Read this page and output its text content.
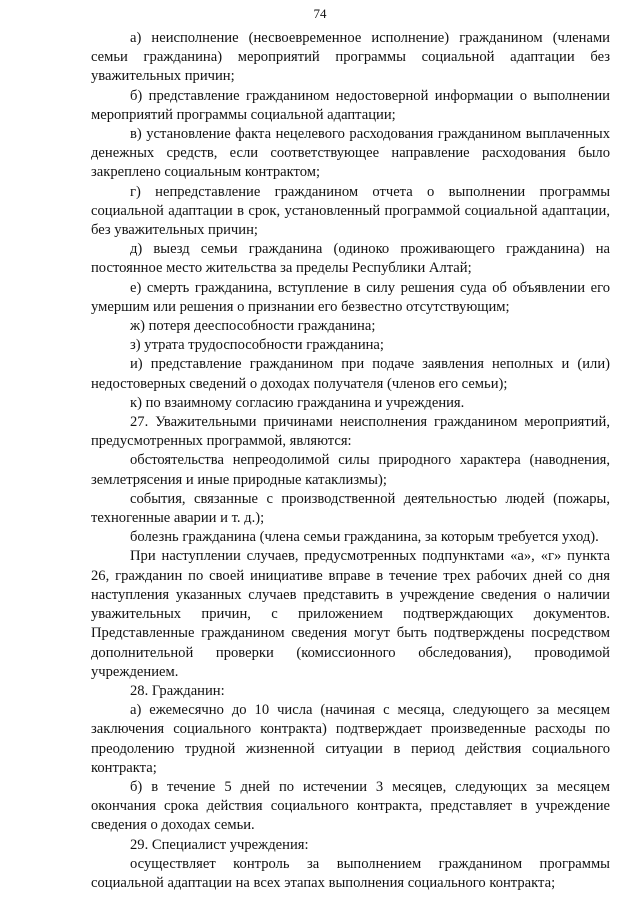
74

а) неисполнение (несвоевременное исполнение) гражданином (членами семьи гражданина) мероприятий программы социальной адаптации без уважительных причин;

б) представление гражданином недостоверной информации о выполнении мероприятий программы социальной адаптации;

в) установление факта нецелевого расходования гражданином выплаченных денежных средств, если соответствующее направление расходования было закреплено социальным контрактом;

г) непредставление гражданином отчета о выполнении программы социальной адаптации в срок, установленный программой социальной адаптации, без уважительных причин;

д) выезд семьи гражданина (одиноко проживающего гражданина) на постоянное место жительства за пределы Республики Алтай;

е) смерть гражданина, вступление в силу решения суда об объявлении его умершим или решения о признании его безвестно отсутствующим;

ж) потеря дееспособности гражданина;

з) утрата трудоспособности гражданина;

и) представление гражданином при подаче заявления неполных и (или) недостоверных сведений о доходах получателя (членов его семьи);

к) по взаимному согласию гражданина и учреждения.

27. Уважительными причинами неисполнения гражданином мероприятий, предусмотренных программой, являются:

обстоятельства непреодолимой силы природного характера (наводнения, землетрясения и иные природные катаклизмы);

события, связанные с производственной деятельностью людей (пожары, техногенные аварии и т. д.);

болезнь гражданина (члена семьи гражданина, за которым требуется уход).

При наступлении случаев, предусмотренных подпунктами «а», «г» пункта 26, гражданин по своей инициативе вправе в течение трех рабочих дней со дня наступления указанных случаев представить в учреждение сведения о наличии уважительных причин, с приложением подтверждающих документов. Представленные гражданином сведения могут быть подтверждены посредством дополнительной проверки (комиссионного обследования), проводимой учреждением.

28. Гражданин:

а) ежемесячно до 10 числа (начиная с месяца, следующего за месяцем заключения социального контракта) подтверждает произведенные расходы по преодолению трудной жизненной ситуации в период действия социального контракта;

б) в течение 5 дней по истечении 3 месяцев, следующих за месяцем окончания срока действия социального контракта, представляет в учреждение сведения о доходах семьи.

29. Специалист учреждения:

осуществляет контроль за выполнением гражданином программы социальной адаптации на всех этапах выполнения социального контракта;
